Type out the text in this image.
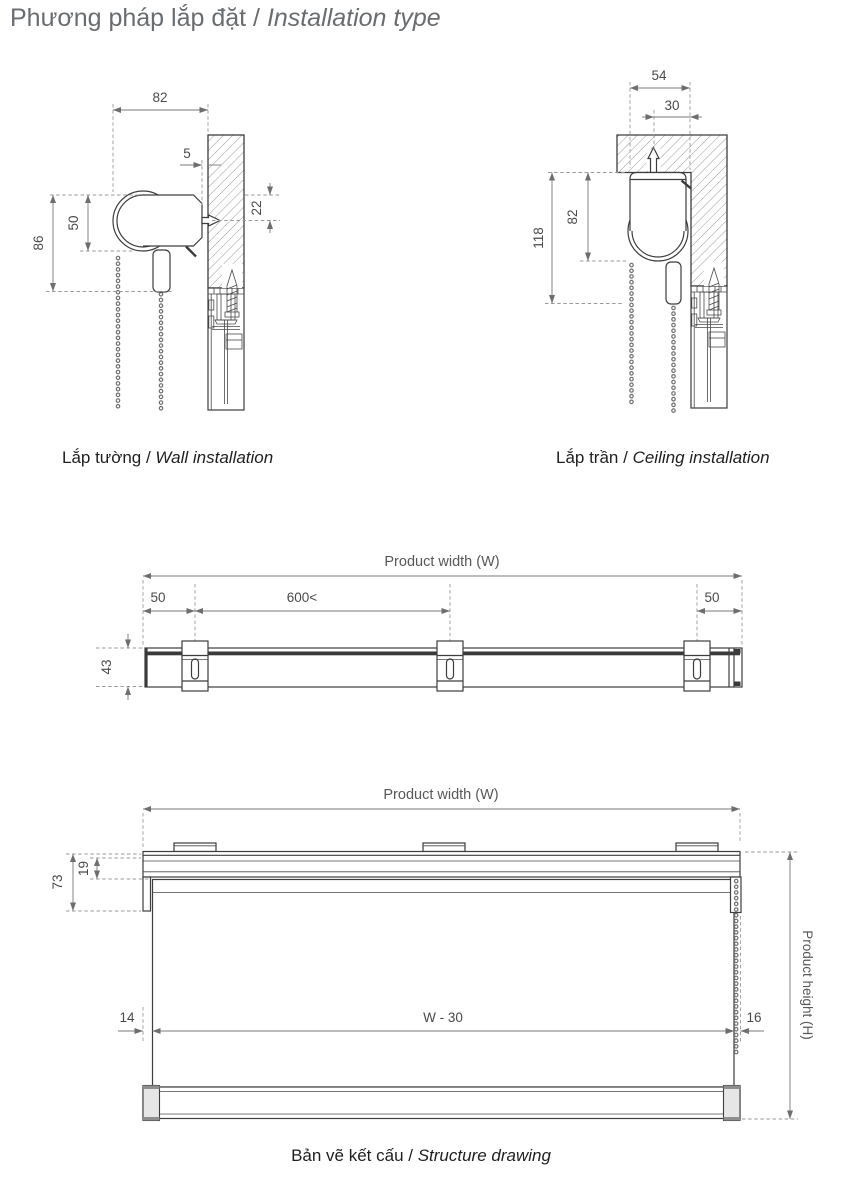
82
5
22
50
86
54
30
82
118
Product width (W)
50	600<	50
43
Product width (W)
73
19
W - 30
14	16	Product height (H)
Phương pháp lắp đặt / Installation type
Lắp tường / Wall installation	Lắp trần / Ceiling installation
Bản vẽ kết cấu / Structure drawing
